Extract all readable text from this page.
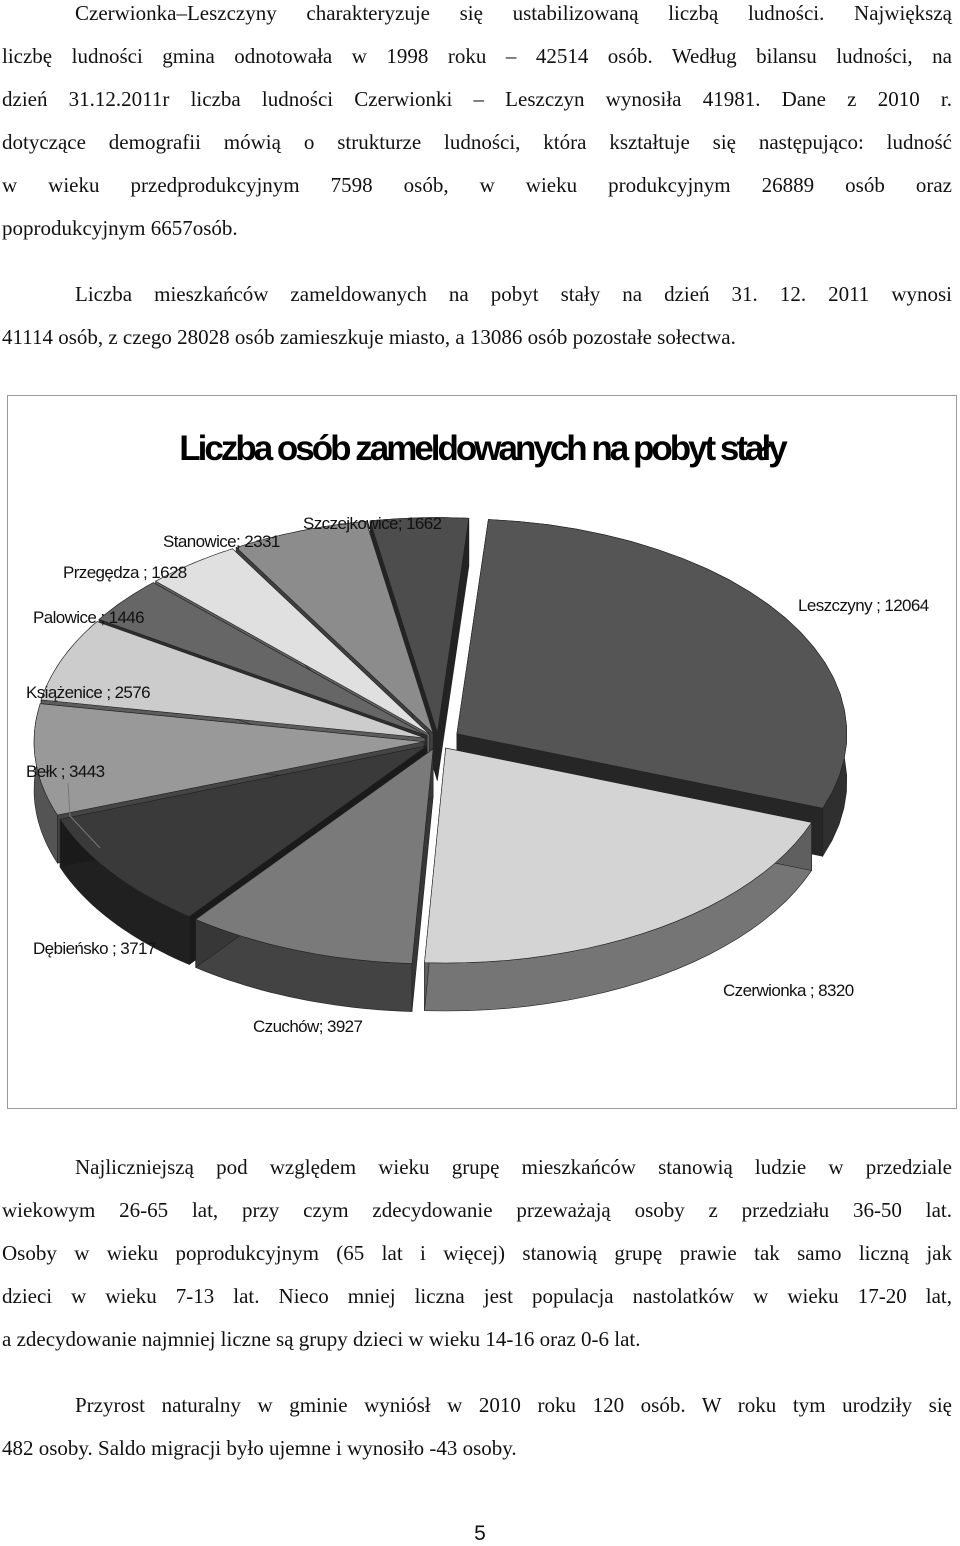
Czerwionka–Leszczyny charakteryzuje się ustabilizowaną liczbą ludności. Największą
liczbę ludności gmina odnotowała w 1998 roku – 42514 osób. Według bilansu ludności, na
dzień 31.12.2011r liczba ludności Czerwionki – Leszczyn wynosiła 41981. Dane z 2010 r.
dotyczące demografii mówią o strukturze ludności, która kształtuje się następująco: ludność
w wieku przedprodukcyjnym 7598 osób, w wieku produkcyjnym 26889 osób oraz
poprodukcyjnym 6657osób.
Liczba mieszkańców zameldowanych na pobyt stały na dzień 31. 12. 2011 wynosi
41114 osób, z czego 28028 osób zamieszkuje miasto, a 13086 osób pozostałe sołectwa.
Liczba osób zameldowanych na pobyt stały
Leszczyny ; 12064
Czerwionka ; 8320
Czuchów; 3927
Dębieńsko ; 3717
Bełk ; 3443
Książenice ; 2576
Palowice ; 1446
Przegędza ; 1628
Stanowice; 2331
Szczejkowice; 1662
Najliczniejszą pod względem wieku grupę mieszkańców stanowią ludzie w przedziale
wiekowym 26-65 lat, przy czym zdecydowanie przeważają osoby z przedziału 36-50 lat.
Osoby w wieku poprodukcyjnym (65 lat i więcej) stanowią grupę prawie tak samo liczną jak
dzieci w wieku 7-13 lat. Nieco mniej liczna jest populacja nastolatków w wieku 17-20 lat,
a zdecydowanie najmniej liczne są grupy dzieci w wieku 14-16 oraz 0-6 lat.
Przyrost naturalny w gminie wyniósł w 2010 roku 120 osób. W roku tym urodziły się
482 osoby. Saldo migracji było ujemne i wynosiło -43 osoby.
5
